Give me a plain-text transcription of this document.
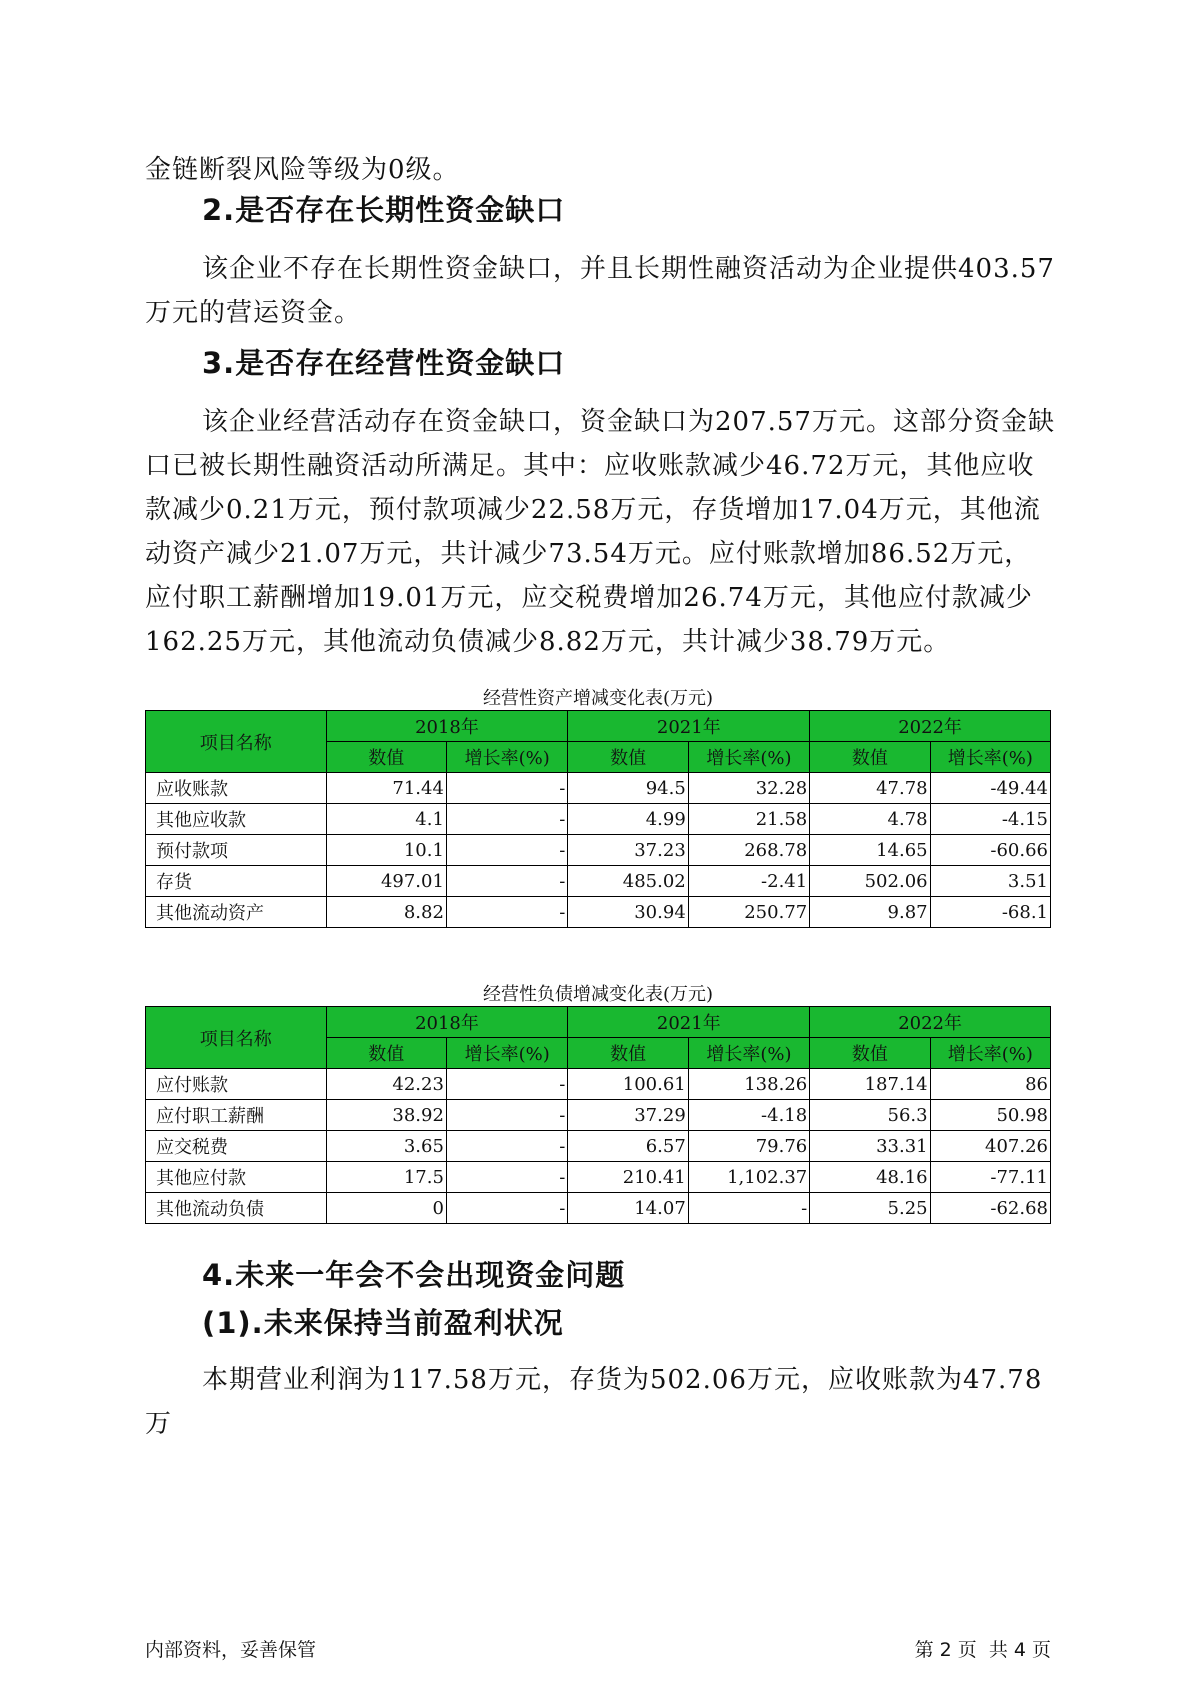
金链断裂风险等级为0级。

2.是否存在长期性资金缺口

该企业不存在长期性资金缺口，并且长期性融资活动为企业提供403.57万元的营运资金。

3.是否存在经营性资金缺口

该企业经营活动存在资金缺口，资金缺口为207.57万元。这部分资金缺口已被长期性融资活动所满足。其中：应收账款减少46.72万元，其他应收款减少0.21万元，预付款项减少22.58万元，存货增加17.04万元，其他流动资产减少21.07万元，共计减少73.54万元。应付账款增加86.52万元，应付职工薪酬增加19.01万元，应交税费增加26.74万元，其他应付款减少162.25万元，其他流动负债减少8.82万元，共计减少38.79万元。

经营性资产增减变化表(万元)

项目名称	2018年		2021年		2022年	
	数值	增长率(%)	数值	增长率(%)	数值	增长率(%)
应收账款	71.44	-	94.5	32.28	47.78	-49.44
其他应收款	4.1	-	4.99	21.58	4.78	-4.15
预付款项	10.1	-	37.23	268.78	14.65	-60.66
存货	497.01	-	485.02	-2.41	502.06	3.51
其他流动资产	8.82	-	30.94	250.77	9.87	-68.1

经营性负债增减变化表(万元)

项目名称	2018年		2021年		2022年	
	数值	增长率(%)	数值	增长率(%)	数值	增长率(%)
应付账款	42.23	-	100.61	138.26	187.14	86
应付职工薪酬	38.92	-	37.29	-4.18	56.3	50.98
应交税费	3.65	-	6.57	79.76	33.31	407.26
其他应付款	17.5	-	210.41	1,102.37	48.16	-77.11
其他流动负债	0	-	14.07	-	5.25	-62.68
4.未来一年会不会出现资金问题
(1).未来保持当前盈利状况

本期营业利润为117.58万元，存货为502.06万元，应收账款为47.78万

内部资料，妥善保管	第 2 页  共 4 页
